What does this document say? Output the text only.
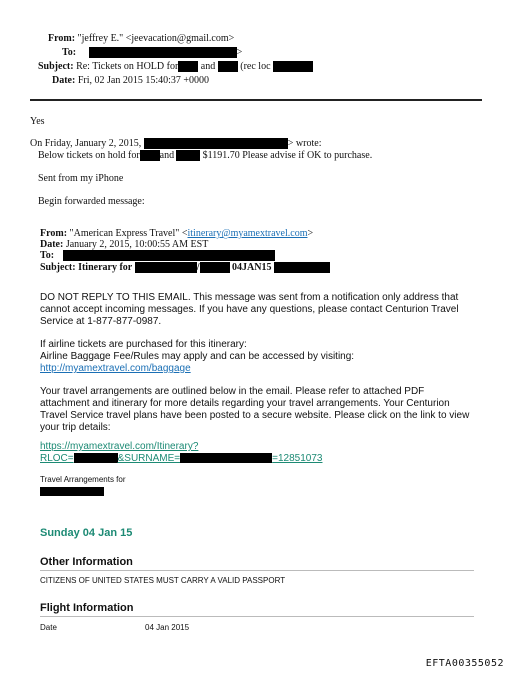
From: "jeffrey E." <jeevacation@gmail.com>
To:	>
Subject: Re: Tickets on HOLD for and	(rec loc
Date: Fri, 02 Jan 2015 15:40:37 +0000
Yes
On Friday, January 2, 2015,	> wrote:
Below tickets on hold for and	$1191.70 Please advise if OK to purchase.
Sent from my iPhone
Begin forwarded message:
From: "American Express Travel" <itinerary@myamextravel.com>
Date: January 2, 2015, 10:00:55 AM EST
To:
Subject: Itinerary for	/	04JAN15
DO NOT REPLY TO THIS EMAIL. This message was sent from a notification only address that
cannot accept incoming messages. If you have any questions, please contact Centurion Travel
Service at 1-877-877-0987.
If airline tickets are purchased for this itinerary:
Airline Baggage Fee/Rules may apply and can be accessed by visiting:
http://myamextravel.com/baggage
Your travel arrangements are outlined below in the email. Please refer to attached PDF
attachment and itinerary for more details regarding your travel arrangements. Your Centurion
Travel Service travel plans have been posted to a secure website. Please click on the link to view
your trip details:
https://myamextravel.com/Itinerary?
RLOC=	&SURNAME=	=12851073
Travel Arrangements for
Sunday 04 Jan 15
Other Information
CITIZENS OF UNITED STATES MUST CARRY A VALID PASSPORT
Flight Information
Date	04 Jan 2015
EFTA00355052
